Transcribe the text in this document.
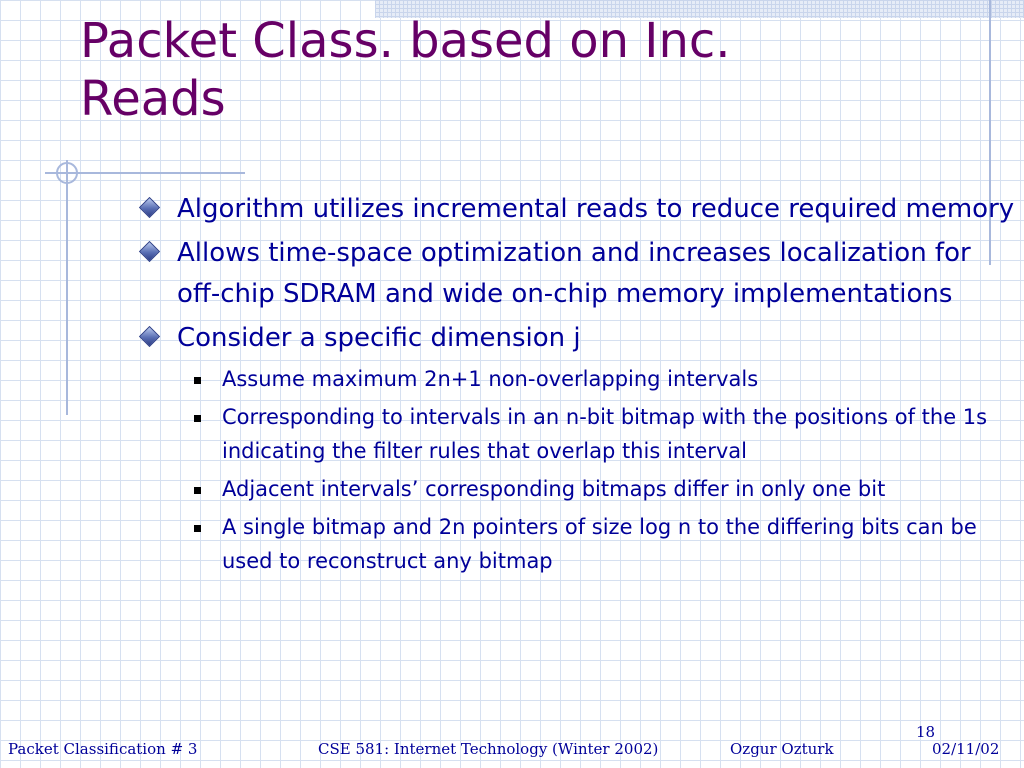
Packet Class. based on Inc.
Reads
Algorithm utilizes incremental reads to reduce required memory
Allows time-space optimization and increases localization for off-chip SDRAM and wide on-chip memory implementations
Consider a specific dimension j
Assume maximum 2n+1 non-overlapping intervals
Corresponding to intervals in an n-bit bitmap with the positions of the 1s indicating the filter rules that overlap this interval
Adjacent intervals’ corresponding bitmaps differ in only one bit
A single bitmap and 2n pointers of size log n to the differing bits can be used to reconstruct any bitmap
18
Packet Classification # 3	CSE 581: Internet Technology (Winter 2002)	Ozgur Ozturk	02/11/02
